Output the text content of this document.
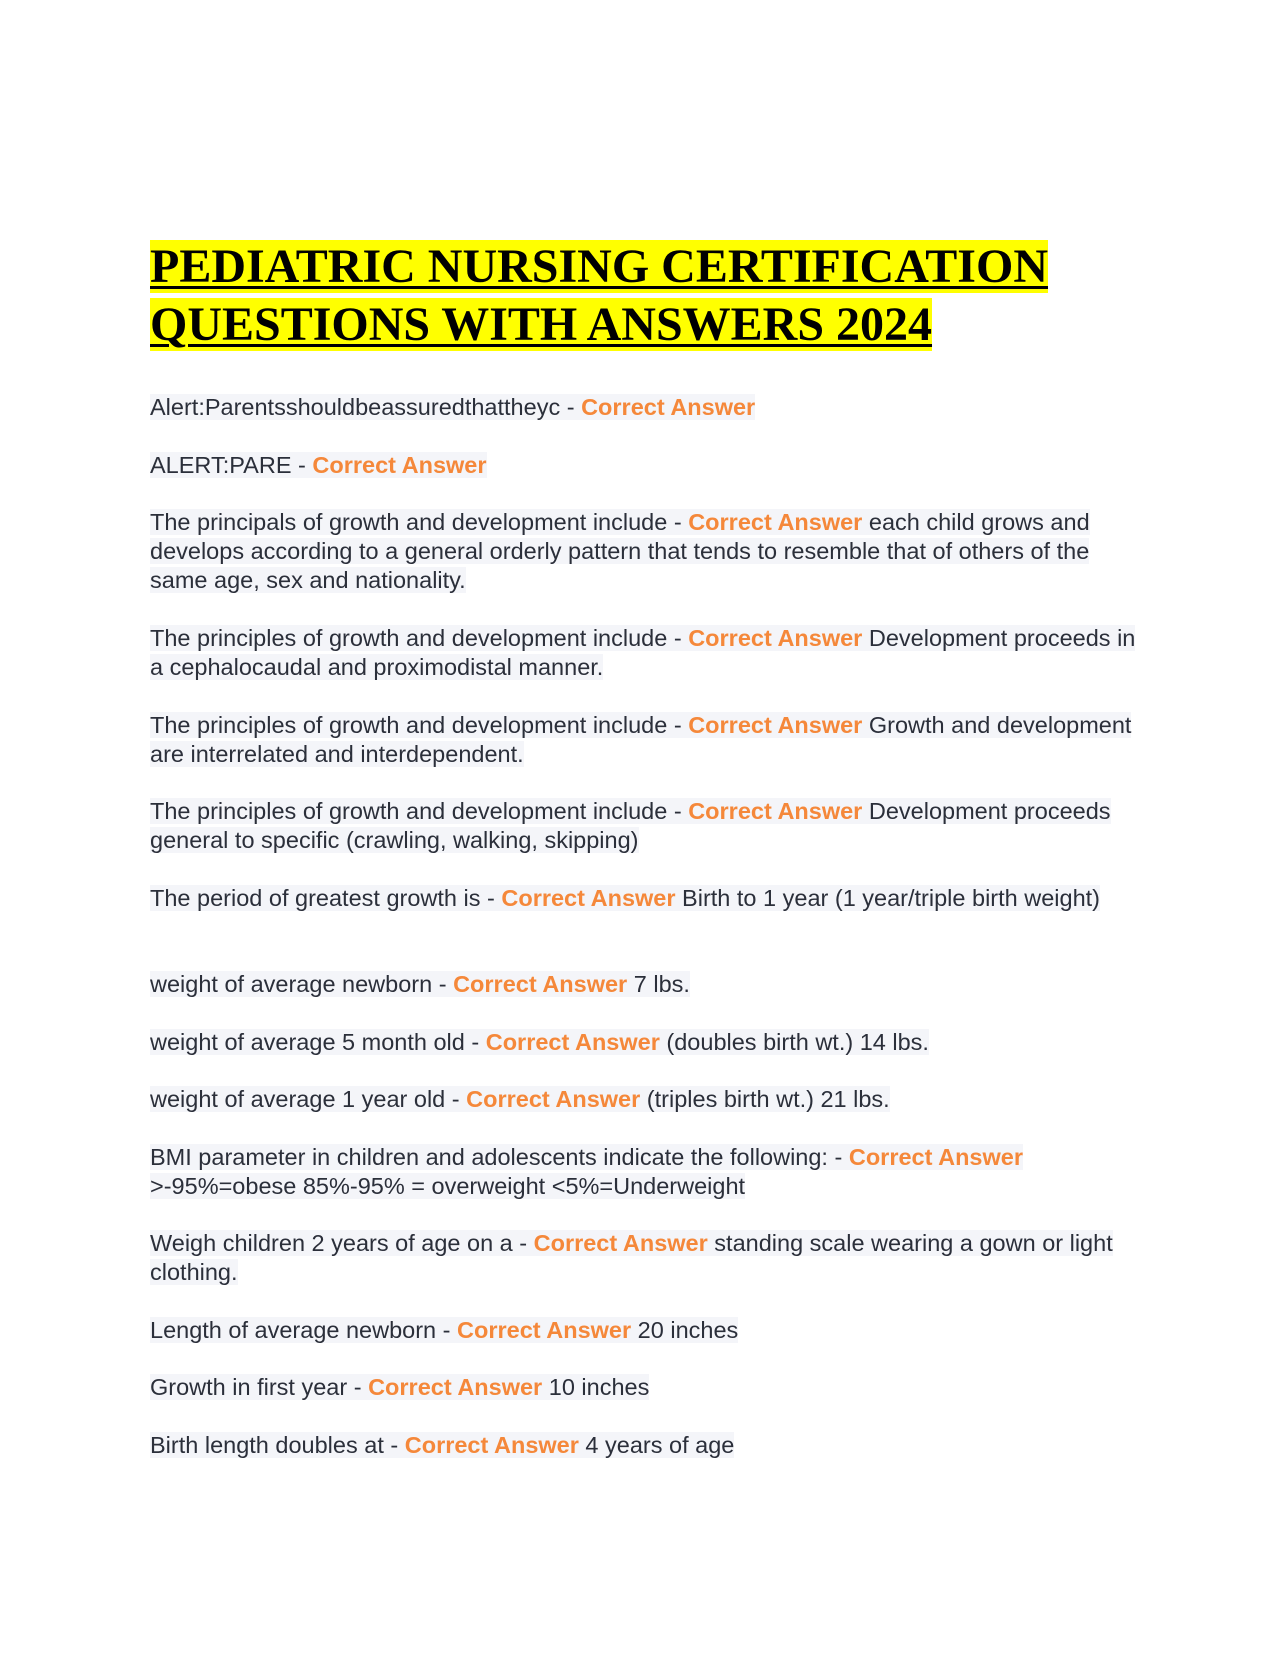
PEDIATRIC NURSING CERTIFICATION
QUESTIONS WITH ANSWERS 2024

Alert:Parentsshouldbeassuredthattheyc - Correct Answer

ALERT:PARE - Correct Answer

The principals of growth and development include - Correct Answer each child grows and develops according to a general orderly pattern that tends to resemble that of others of the same age, sex and nationality.

The principles of growth and development include - Correct Answer Development proceeds in a cephalocaudal and proximodistal manner.

The principles of growth and development include - Correct Answer Growth and development are interrelated and interdependent.

The principles of growth and development include - Correct Answer Development proceeds general to specific (crawling, walking, skipping)

The period of greatest growth is - Correct Answer Birth to 1 year (1 year/triple birth weight)

weight of average newborn - Correct Answer 7 lbs.

weight of average 5 month old - Correct Answer (doubles birth wt.) 14 lbs.

weight of average 1 year old - Correct Answer (triples birth wt.) 21 lbs.

BMI parameter in children and adolescents indicate the following: - Correct Answer >-95%=obese 85%-95% = overweight <5%=Underweight

Weigh children 2 years of age on a - Correct Answer standing scale wearing a gown or light clothing.

Length of average newborn - Correct Answer 20 inches

Growth in first year - Correct Answer 10 inches

Birth length doubles at - Correct Answer 4 years of age
